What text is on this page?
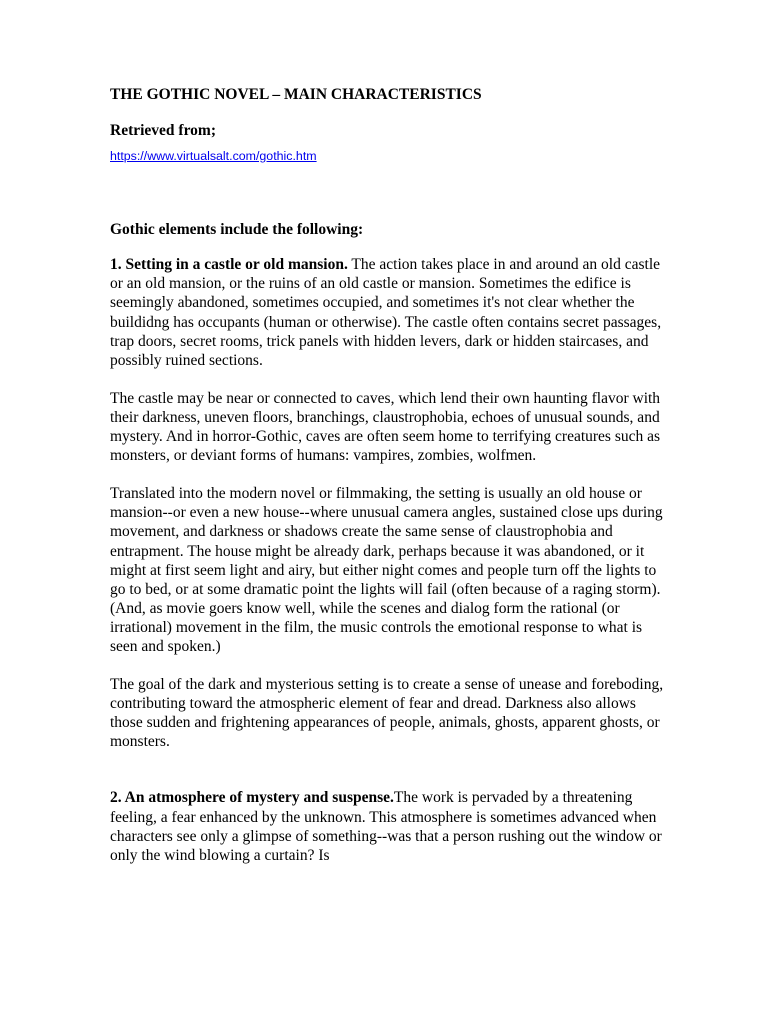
THE GOTHIC NOVEL – MAIN CHARACTERISTICS

Retrieved from;

https://www.virtualsalt.com/gothic.htm

Gothic elements include the following:

1. Setting in a castle or old mansion. The action takes place in and around an old castle or an old mansion, or the ruins of an old castle or mansion. Sometimes the edifice is seemingly abandoned, sometimes occupied, and sometimes it's not clear whether the buildidng has occupants (human or otherwise). The castle often contains secret passages, trap doors, secret rooms, trick panels with hidden levers, dark or hidden staircases, and possibly ruined sections.

The castle may be near or connected to caves, which lend their own haunting flavor with their darkness, uneven floors, branchings, claustrophobia, echoes of unusual sounds, and mystery. And in horror-Gothic, caves are often seem home to terrifying creatures such as monsters, or deviant forms of humans: vampires, zombies, wolfmen.

Translated into the modern novel or filmmaking, the setting is usually an old house or mansion--or even a new house--where unusual camera angles, sustained close ups during movement, and darkness or shadows create the same sense of claustrophobia and entrapment. The house might be already dark, perhaps because it was abandoned, or it might at first seem light and airy, but either night comes and people turn off the lights to go to bed, or at some dramatic point the lights will fail (often because of a raging storm). (And, as movie goers know well, while the scenes and dialog form the rational (or irrational) movement in the film, the music controls the emotional response to what is seen and spoken.)

The goal of the dark and mysterious setting is to create a sense of unease and foreboding, contributing toward the atmospheric element of fear and dread. Darkness also allows those sudden and frightening appearances of people, animals, ghosts, apparent ghosts, or monsters.

2. An atmosphere of mystery and suspense.The work is pervaded by a threatening feeling, a fear enhanced by the unknown. This atmosphere is sometimes advanced when characters see only a glimpse of something--was that a person rushing out the window or only the wind blowing a curtain? Is
